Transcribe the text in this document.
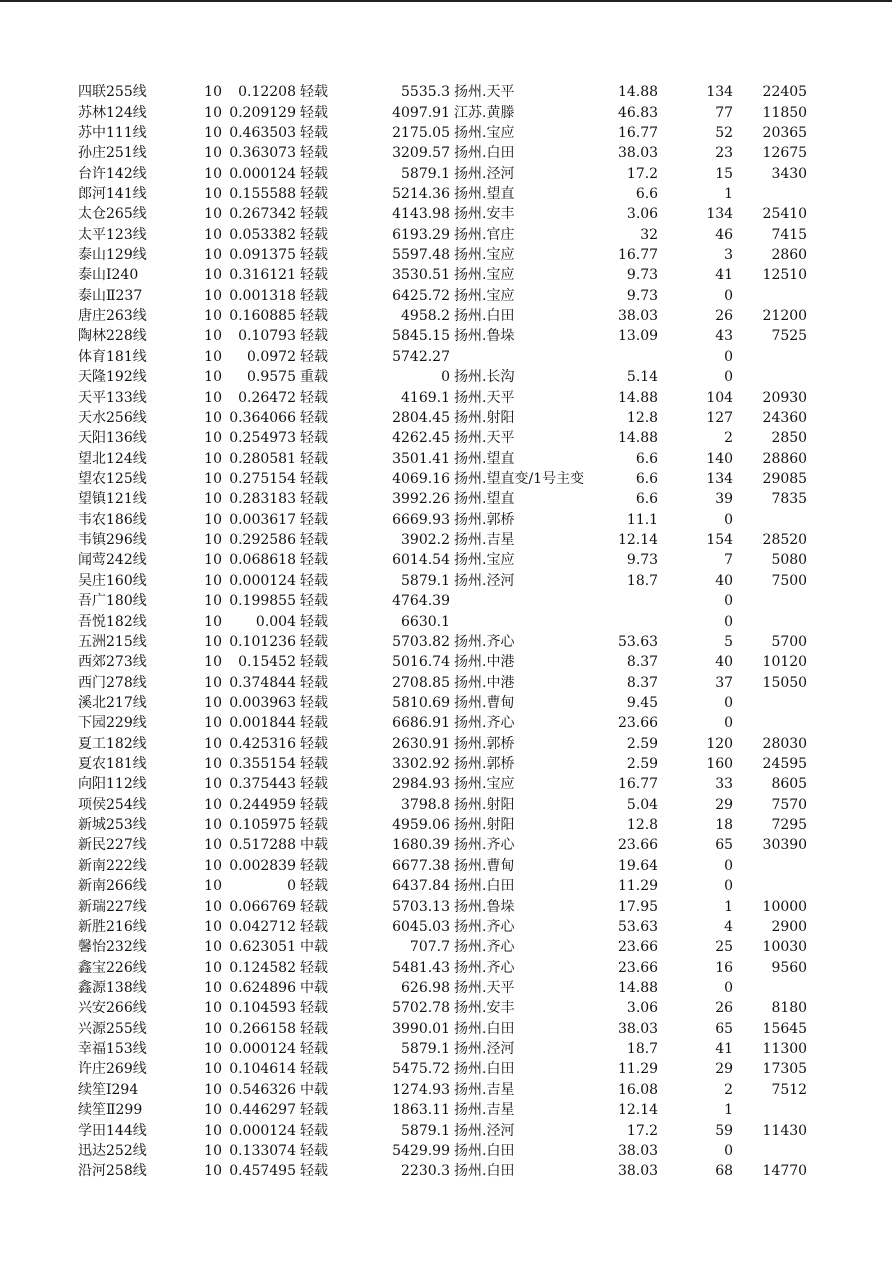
四联255线	10	0.12208	轻载	5535.3	扬州.天平	14.88	134	22405
苏林124线	10	0.209129	轻载	4097.91	江苏.黄滕	46.83	77	11850
苏中111线	10	0.463503	轻载	2175.05	扬州.宝应	16.77	52	20365
孙庄251线	10	0.363073	轻载	3209.57	扬州.白田	38.03	23	12675
台许142线	10	0.000124	轻载	5879.1	扬州.泾河	17.2	15	3430
郎河141线	10	0.155588	轻载	5214.36	扬州.望直	6.6	1	
太仓265线	10	0.267342	轻载	4143.98	扬州.安丰	3.06	134	25410
太平123线	10	0.053382	轻载	6193.29	扬州.官庄	32	46	7415
泰山129线	10	0.091375	轻载	5597.48	扬州.宝应	16.77	3	2860
泰山Ⅰ240	10	0.316121	轻载	3530.51	扬州.宝应	9.73	41	12510
泰山Ⅱ237	10	0.001318	轻载	6425.72	扬州.宝应	9.73	0	
唐庄263线	10	0.160885	轻载	4958.2	扬州.白田	38.03	26	21200
陶林228线	10	0.10793	轻载	5845.15	扬州.鲁垛	13.09	43	7525
体育181线	10	0.0972	轻载	5742.27			0	
天隆192线	10	0.9575	重载	0	扬州.长沟	5.14	0	
天平133线	10	0.26472	轻载	4169.1	扬州.天平	14.88	104	20930
天水256线	10	0.364066	轻载	2804.45	扬州.射阳	12.8	127	24360
天阳136线	10	0.254973	轻载	4262.45	扬州.天平	14.88	2	2850
望北124线	10	0.280581	轻载	3501.41	扬州.望直	6.6	140	28860
望农125线	10	0.275154	轻载	4069.16	扬州.望直变/1号主变	6.6	134	29085
望镇121线	10	0.283183	轻载	3992.26	扬州.望直	6.6	39	7835
韦农186线	10	0.003617	轻载	6669.93	扬州.郭桥	11.1	0	
韦镇296线	10	0.292586	轻载	3902.2	扬州.吉星	12.14	154	28520
闻莺242线	10	0.068618	轻载	6014.54	扬州.宝应	9.73	7	5080
吴庄160线	10	0.000124	轻载	5879.1	扬州.泾河	18.7	40	7500
吾广180线	10	0.199855	轻载	4764.39			0	
吾悦182线	10	0.004	轻载	6630.1			0	
五洲215线	10	0.101236	轻载	5703.82	扬州.齐心	53.63	5	5700
西郊273线	10	0.15452	轻载	5016.74	扬州.中港	8.37	40	10120
西门278线	10	0.374844	轻载	2708.85	扬州.中港	8.37	37	15050
溪北217线	10	0.003963	轻载	5810.69	扬州.曹甸	9.45	0	
下园229线	10	0.001844	轻载	6686.91	扬州.齐心	23.66	0	
夏工182线	10	0.425316	轻载	2630.91	扬州.郭桥	2.59	120	28030
夏农181线	10	0.355154	轻载	3302.92	扬州.郭桥	2.59	160	24595
向阳112线	10	0.375443	轻载	2984.93	扬州.宝应	16.77	33	8605
项侯254线	10	0.244959	轻载	3798.8	扬州.射阳	5.04	29	7570
新城253线	10	0.105975	轻载	4959.06	扬州.射阳	12.8	18	7295
新民227线	10	0.517288	中载	1680.39	扬州.齐心	23.66	65	30390
新南222线	10	0.002839	轻载	6677.38	扬州.曹甸	19.64	0	
新南266线	10	0	轻载	6437.84	扬州.白田	11.29	0	
新瑞227线	10	0.066769	轻载	5703.13	扬州.鲁垛	17.95	1	10000
新胜216线	10	0.042712	轻载	6045.03	扬州.齐心	53.63	4	2900
馨怡232线	10	0.623051	中载	707.7	扬州.齐心	23.66	25	10030
鑫宝226线	10	0.124582	轻载	5481.43	扬州.齐心	23.66	16	9560
鑫源138线	10	0.624896	中载	626.98	扬州.天平	14.88	0	
兴安266线	10	0.104593	轻载	5702.78	扬州.安丰	3.06	26	8180
兴源255线	10	0.266158	轻载	3990.01	扬州.白田	38.03	65	15645
幸福153线	10	0.000124	轻载	5879.1	扬州.泾河	18.7	41	11300
许庄269线	10	0.104614	轻载	5475.72	扬州.白田	11.29	29	17305
续笙Ⅰ294	10	0.546326	中载	1274.93	扬州.吉星	16.08	2	7512
续笙Ⅱ299	10	0.446297	轻载	1863.11	扬州.吉星	12.14	1	
学田144线	10	0.000124	轻载	5879.1	扬州.泾河	17.2	59	11430
迅达252线	10	0.133074	轻载	5429.99	扬州.白田	38.03	0	
沿河258线	10	0.457495	轻载	2230.3	扬州.白田	38.03	68	14770
